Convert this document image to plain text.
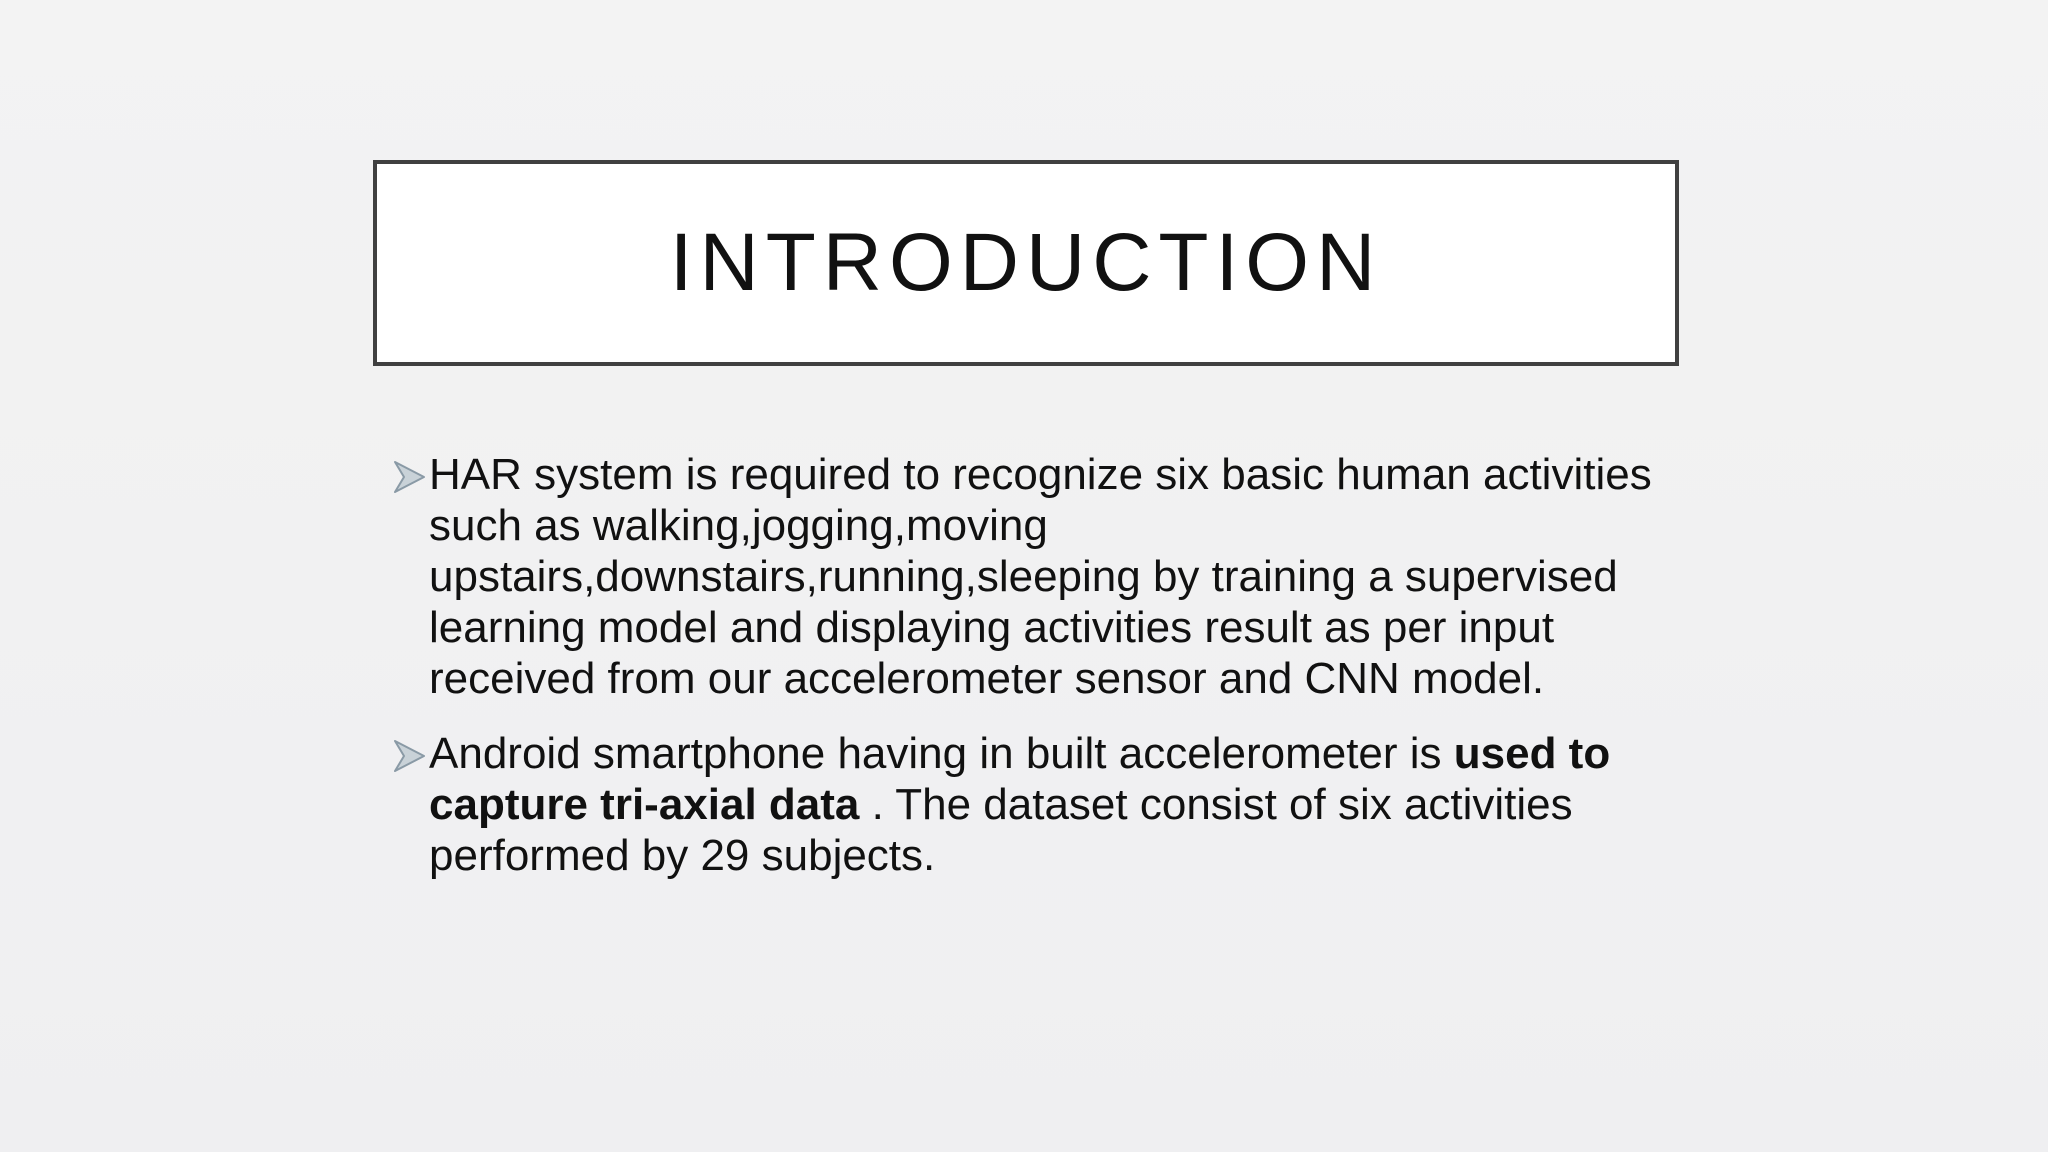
INTRODUCTION
HAR system is required to recognize six basic human activities such as walking,jogging,moving upstairs,downstairs,running,sleeping by training a supervised learning model and displaying activities result as per input received from our accelerometer sensor and CNN model.
Android smartphone having in built accelerometer is used to capture tri-axial data . The dataset consist of six activities performed by 29 subjects.
